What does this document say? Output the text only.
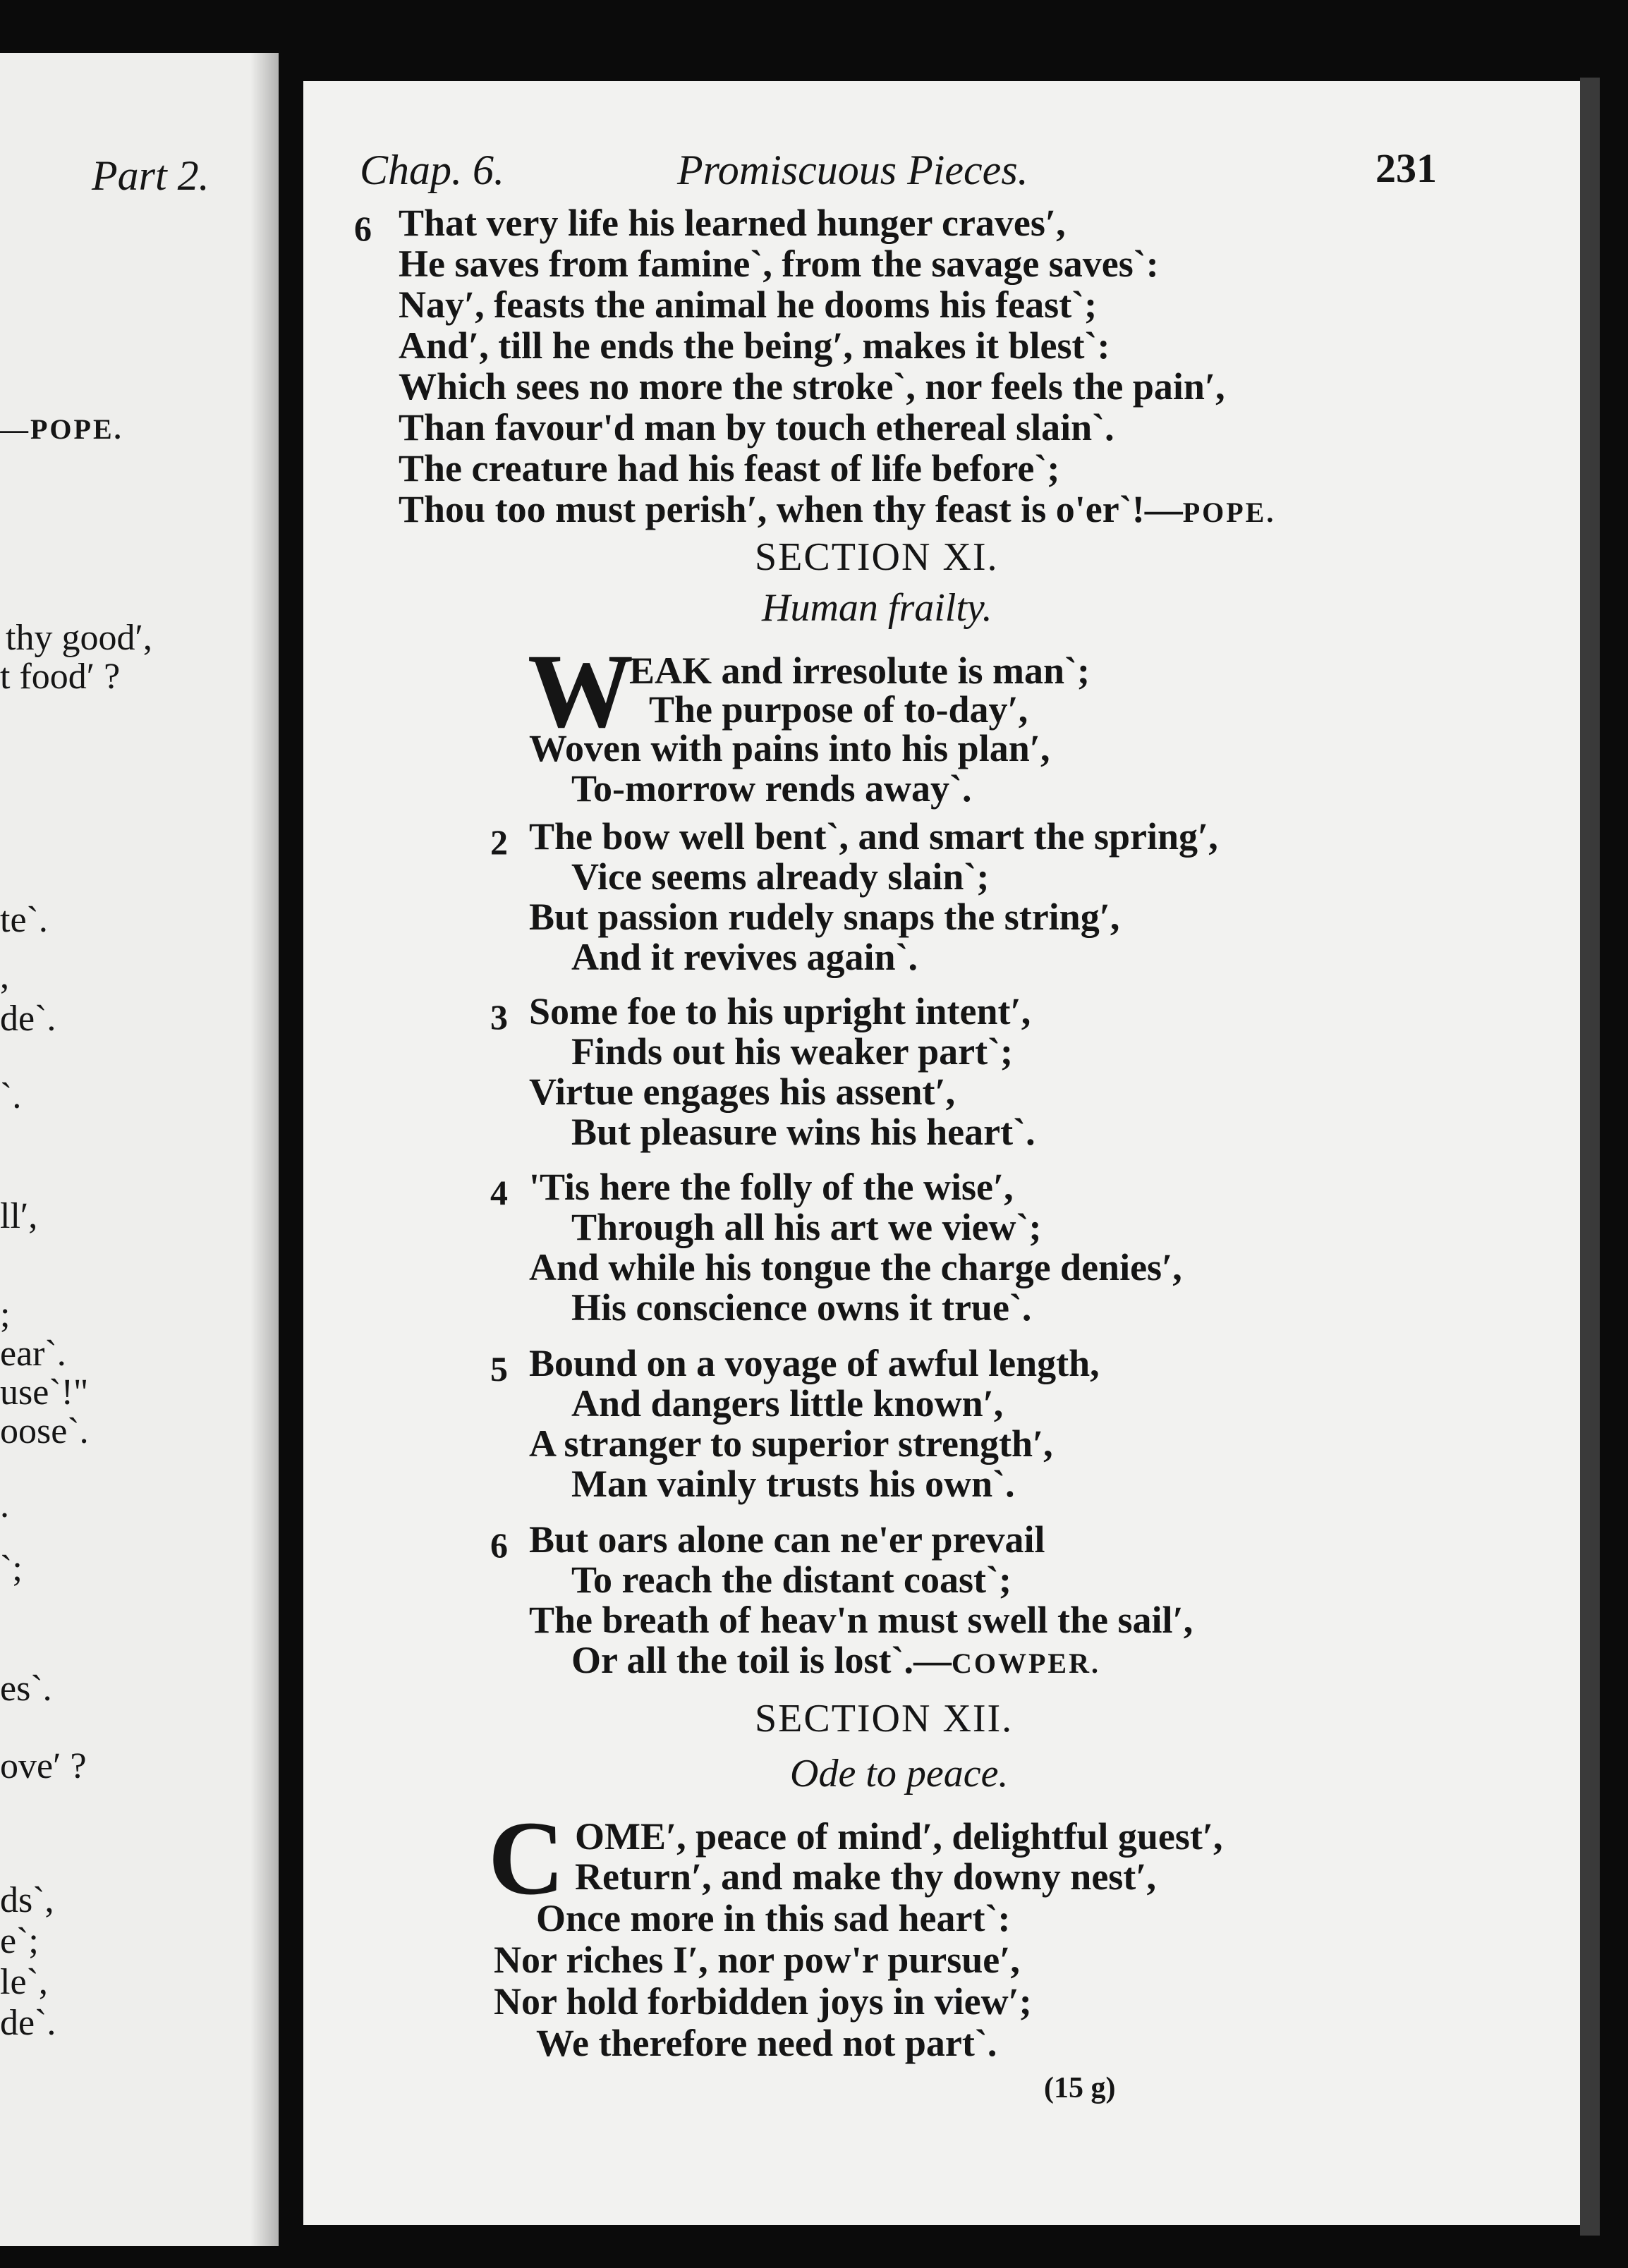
Part 2.
—POPE.
thy good′,
t food′ ?
te`.
,
de`.
`.
ll′,
;
ear`.
use`!"
oose`.
.
`;
es`.
ove′ ?
ds`,
e`;
le`,
de`.
Chap. 6.	Promiscuous Pieces.	231
6 That very life his learned hunger craves′,
He saves from famine`, from the savage saves`:
Nay′, feasts the animal he dooms his feast`;
And′, till he ends the being′, makes it blest`:
Which sees no more the stroke`, nor feels the pain′,
Than favour'd man by touch ethereal slain`.
The creature had his feast of life before`;
Thou too must perish′, when thy feast is o'er`!—POPE.
SECTION XI.
Human frailty.
W
EAK and irresolute is man`;
The purpose of to-day′,
Woven with pains into his plan′,
To-morrow rends away`.
2 The bow well bent`, and smart the spring′,
Vice seems already slain`;
But passion rudely snaps the string′,
And it revives again`.
3 Some foe to his upright intent′,
Finds out his weaker part`;
Virtue engages his assent′,
But pleasure wins his heart`.
4 'Tis here the folly of the wise′,
Through all his art we view`;
And while his tongue the charge denies′,
His conscience owns it true`.
5 Bound on a voyage of awful length,
And dangers little known′,
A stranger to superior strength′,
Man vainly trusts his own`.
6 But oars alone can ne'er prevail
To reach the distant coast`;
The breath of heav'n must swell the sail′,
Or all the toil is lost`.—COWPER.
SECTION XII.
Ode to peace.
C OME′, peace of mind′, delightful guest′,
Return′, and make thy downy nest′,
Once more in this sad heart`:
Nor riches I′, nor pow'r pursue′,
Nor hold forbidden joys in view′;
We therefore need not part`.
(15 g)
